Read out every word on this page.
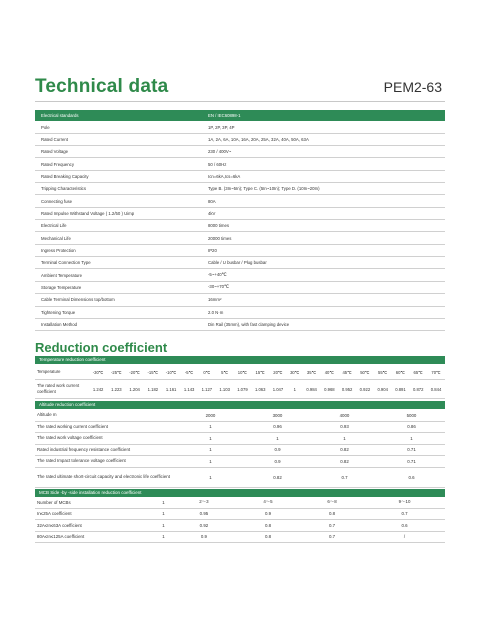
Technical data	PEM2-63
Electrical standards	EN / IEC60898-1
Pole	1P, 2P, 3P, 4P
Rated Current	1A, 2A, 6A, 10A, 16A, 20A, 25A, 32A, 40A, 50A, 63A
Rated Voltage	230 / 400V~
Rated Frequency	50 / 60Hz
Rated Breaking Capacity	Icn=6kA,Ics=6kA
Tripping Characteristics	Type B. (3In~5In); Type C. (5In~10In); Type D. (10In~20In)
Connecting fuse	80A
Rated Impulse Withstand Voltage ( 1.2/50 ) Uimp	4kV
Electrical Life	8000 times
Mechanical Life	20000 times
Ingress Protection	IP20
Terminal Connection Type	Cable / U busbar / Plug busbar
Ambient Temperature	-5~+40℃
Storage Temperature	-30~+70℃
Cable Terminal Dimensions top/bottom	16mm²
Tightening Torque	2.0 N·m
Installation Method	Din Rail (35mm), with fast clamping device
Reduction coefficient
Temperature reduction coefficient
Temperature	-30℃	-25℃	-20℃	-15℃	-10℃	-5℃	0℃	5℃	10℃	15℃	20℃	30℃	35℃	40℃	45℃	50℃	55℃	60℃	65℃	70℃
The rated work current coefficient	1.242	1.223	1.204	1.182	1.161	1.143	1.127	1.103	1.079	1.063	1.047	1	0.984	0.968	0.952	0.922	0.904	0.891	0.872	0.844
Altitude reduction coefficient
Altitude m	2000	3000	4000	5000
The rated working current coefficient	1	0.96	0.93	0.86
The rated work voltage coefficient	1	1	1	1
Rated industrial frequency resistance coefficient	1	0.9	0.82	0.71
The rated Impact tolerance voltage coefficient	1	0.9	0.82	0.71
The rated ultimate short-circuit capacity and electronic life coefficient	1	0.82	0.7	0.6
MCB Side -by -side installation reduction coefficient
Number of MCBs	1	2～3	4～5	6～8	9～10
In≤25A coefficient	1	0.95	0.9	0.8	0.7
32A≤In≤63A coefficient	1	0.92	0.8	0.7	0.6
80A≤In≤125A coefficient	1	0.9	0.8	0.7	/
